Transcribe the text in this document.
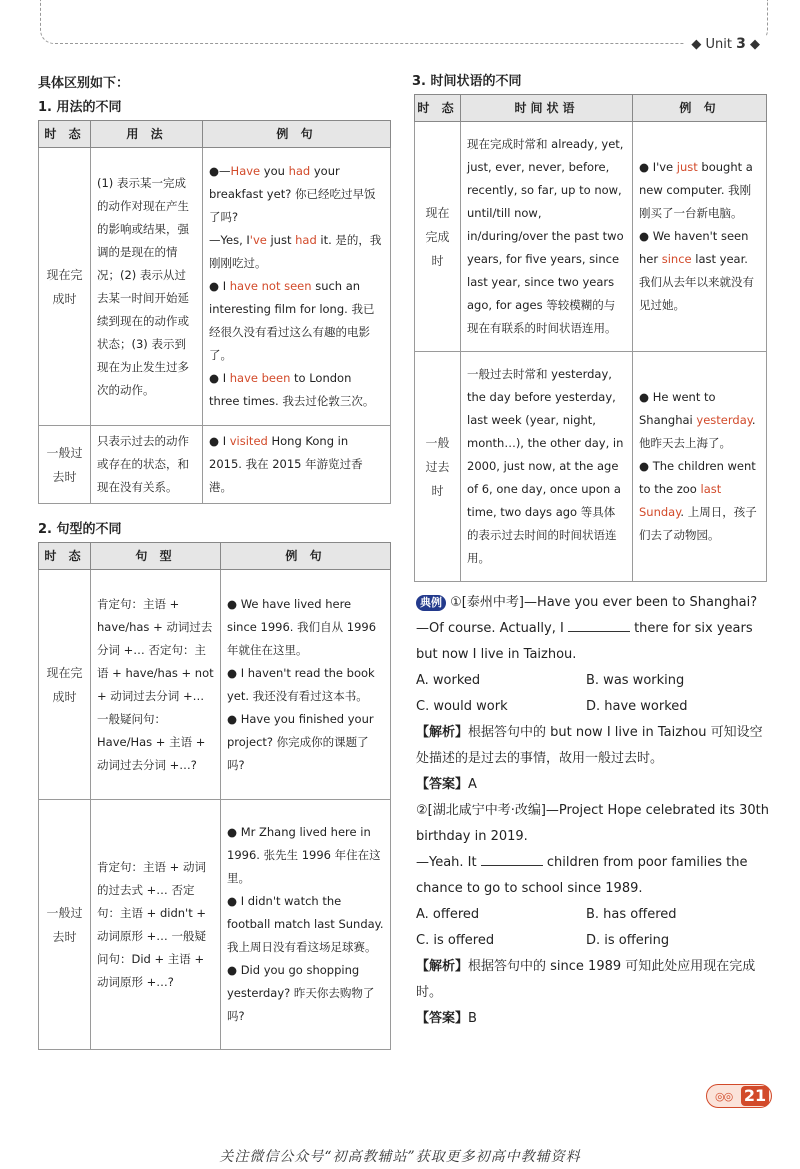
◆ Unit 3 ◆
具体区别如下：
1. 用法的不同
时 态	用 法	例 句
现在完成时	(1) 表示某一完成的动作对现在产生的影响或结果，强调的是现在的情况；(2) 表示从过去某一时间开始延续到现在的动作或状态；(3) 表示到现在为止发生过多次的动作。	●—Have you had your breakfast yet? 你已经吃过早饭了吗?
—Yes, I've just had it. 是的，我刚刚吃过。
● I have not seen such an interesting film for long. 我已经很久没有看过这么有趣的电影了。
● I have been to London three times. 我去过伦敦三次。

一般过去时	只表示过去的动作或存在的状态，和现在没有关系。	● I visited Hong Kong in 2015. 我在 2015 年游览过香港。
2. 句型的不同
时 态	句 型	例 句
现在完成时	肯定句：主语 + have/has + 动词过去分词 +… 否定句：主语 + have/has + not + 动词过去分词 +… 一般疑问句：Have/Has + 主语 + 动词过去分词 +…?	● We have lived here since 1996. 我们自从 1996 年就住在这里。
● I haven't read the book yet. 我还没有看过这本书。
● Have you finished your project? 你完成你的课题了吗?

一般过去时	肯定句：主语 + 动词的过去式 +… 否定句：主语 + didn't + 动词原形 +… 一般疑问句：Did + 主语 + 动词原形 +…?	● Mr Zhang lived here in 1996. 张先生 1996 年住在这里。
● I didn't watch the football match last Sunday. 我上周日没有看这场足球赛。
● Did you go shopping yesterday? 昨天你去购物了吗?
3. 时间状语的不同
时 态	时间状语	例 句
现在完成时	现在完成时常和 already, yet, just, ever, never, before, recently, so far, up to now, until/till now, in/during/over the past two years, for five years, since last year, since two years ago, for ages 等较模糊的与现在有联系的时间状语连用。	● I've just bought a new computer. 我刚刚买了一台新电脑。
● We haven't seen her since last year. 我们从去年以来就没有见过她。

一般过去时	一般过去时常和 yesterday, the day before yesterday, last week (year, night, month…), the other day, in 2000, just now, at the age of 6, one day, once upon a time, two days ago 等具体的表示过去时间的时间状语连用。	● He went to Shanghai yesterday. 他昨天去上海了。
● The children went to the zoo last Sunday. 上周日，孩子们去了动物园。

典例 ①[泰州中考]—Have you ever been to Shanghai?

—Of course. Actually, I	there for six years but now I live in Taizhou.

A. worked	B. was working
C. would work	D. have worked

【解析】根据答句中的 but now I live in Taizhou 可知设空处描述的是过去的事情，故用一般过去时。

【答案】A

②[湖北咸宁中考·改编]—Project Hope celebrated its 30th birthday in 2019.

—Yeah. It	children from poor families the chance to go to school since 1989.

A. offered	B. has offered
C. is offered	D. is offering

【解析】根据答句中的 since 1989 可知此处应用现在完成时。

【答案】B

◎◎ 21
关注微信公众号“初高教辅站”获取更多初高中教辅资料
